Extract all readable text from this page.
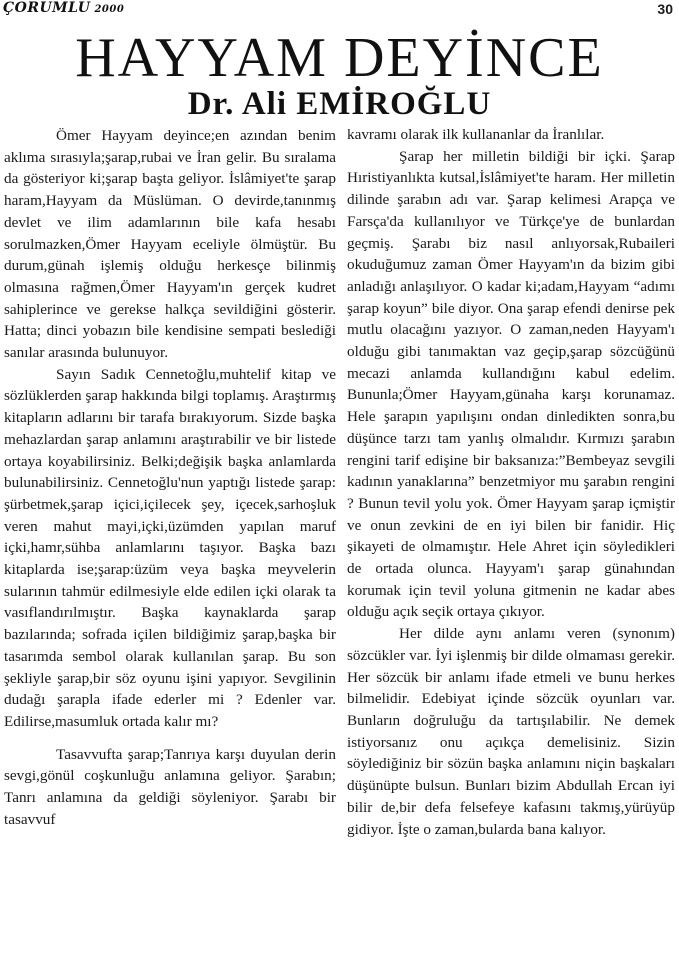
ÇORUMLU 2000	30
HAYYAM DEYİNCE
Dr. Ali EMİROĞLU

Ömer Hayyam deyince;en azından benim aklıma sırasıyla;şarap,rubai ve İran gelir. Bu sıralama da gösteriyor ki;şarap başta geliyor. İslâmiyet'te şarap haram,Hayyam da Müslüman. O devirde,tanınmış devlet ve ilim adamlarının bile kafa hesabı sorulmazken,Ömer Hayyam eceliyle ölmüştür. Bu durum,günah işlemiş olduğu herkesçe bilinmiş olmasına rağmen,Ömer Hayyam'ın gerçek kudret sahiplerince ve gerekse halkça sevildiğini gösterir. Hatta; dinci yobazın bile kendisine sempati beslediği sanılar arasında bulunuyor.

Sayın Sadık Cennetoğlu,muhtelif kitap ve sözlüklerden şarap hakkında bilgi toplamış. Araştırmış kitapların adlarını bir tarafa bırakıyorum. Sizde başka mehazlardan şarap anlamını araştırabilir ve bir listede ortaya koyabilirsiniz. Belki;değişik başka anlamlarda bulunabilirsiniz. Cennetoğlu'nun yaptığı listede şarap: şürbetmek,şarap içici,içilecek şey, içecek,sarhoşluk veren mahut mayi,içki,üzümden yapılan maruf içki,hamr,sühba anlamlarını taşıyor. Başka bazı kitaplarda ise;şarap:üzüm veya başka meyvelerin sularının tahmür edilmesiyle elde edilen içki olarak ta vasıflandırılmıştır. Başka kaynaklarda şarap bazılarında; sofrada içilen bildiğimiz şarap,başka bir tasarımda sembol olarak kullanılan şarap. Bu son şekliyle şarap,bir söz oyunu işini yapıyor. Sevgilinin dudağı şarapla ifade ederler mi ? Edenler var. Edilirse,masumluk ortada kalır mı?

Tasavvufta şarap;Tanrıya karşı duyulan derin sevgi,gönül coşkunluğu anlamına geliyor. Şarabın; Tanrı anlamına da geldiği söyleniyor. Şarabı bir tasavvuf

kavramı olarak ilk kullananlar da İranlılar.

Şarap her milletin bildiği bir içki. Şarap Hıristiyanlıkta kutsal,İslâmiyet'te haram. Her milletin dilinde şarabın adı var. Şarap kelimesi Arapça ve Farsça'da kullanılıyor ve Türkçe'ye de bunlardan geçmiş. Şarabı biz nasıl anlıyorsak,Rubaileri okuduğumuz zaman Ömer Hayyam'ın da bizim gibi anladığı anlaşılıyor. O kadar ki;adam,Hayyam “adımı şarap koyun” bile diyor. Ona şarap efendi denirse pek mutlu olacağını yazıyor. O zaman,neden Hayyam'ı olduğu gibi tanımaktan vaz geçip,şarap sözcüğünü mecazi anlamda kullandığını kabul edelim. Bununla;Ömer Hayyam,günaha karşı korunamaz. Hele şarapın yapılışını ondan dinledikten sonra,bu düşünce tarzı tam yanlış olmalıdır. Kırmızı şarabın rengini tarif edişine bir baksanıza:”Bembeyaz sevgili kadının yanaklarına” benzetmiyor mu şarabın rengini ? Bunun tevil yolu yok. Ömer Hayyam şarap içmiştir ve onun zevkini de en iyi bilen bir fanidir. Hiç şikayeti de olmamıştır. Hele Ahret için söyledikleri de ortada olunca. Hayyam'ı şarap günahından korumak için tevil yoluna gitmenin ne kadar abes olduğu açık seçik ortaya çıkıyor.

Her dilde aynı anlamı veren (synonım) sözcükler var. İyi işlenmiş bir dilde olmaması gerekir. Her sözcük bir anlamı ifade etmeli ve bunu herkes bilmelidir. Edebiyat içinde sözcük oyunları var. Bunların doğruluğu da tartışılabilir. Ne demek istiyorsanız onu açıkça demelisiniz. Sizin söylediğiniz bir sözün başka anlamını niçin başkaları düşünüpte bulsun. Bunları bizim Abdullah Ercan iyi bilir de,bir defa felsefeye kafasını takmış,yürüyüp gidiyor. İşte o zaman,bularda bana kalıyor.
